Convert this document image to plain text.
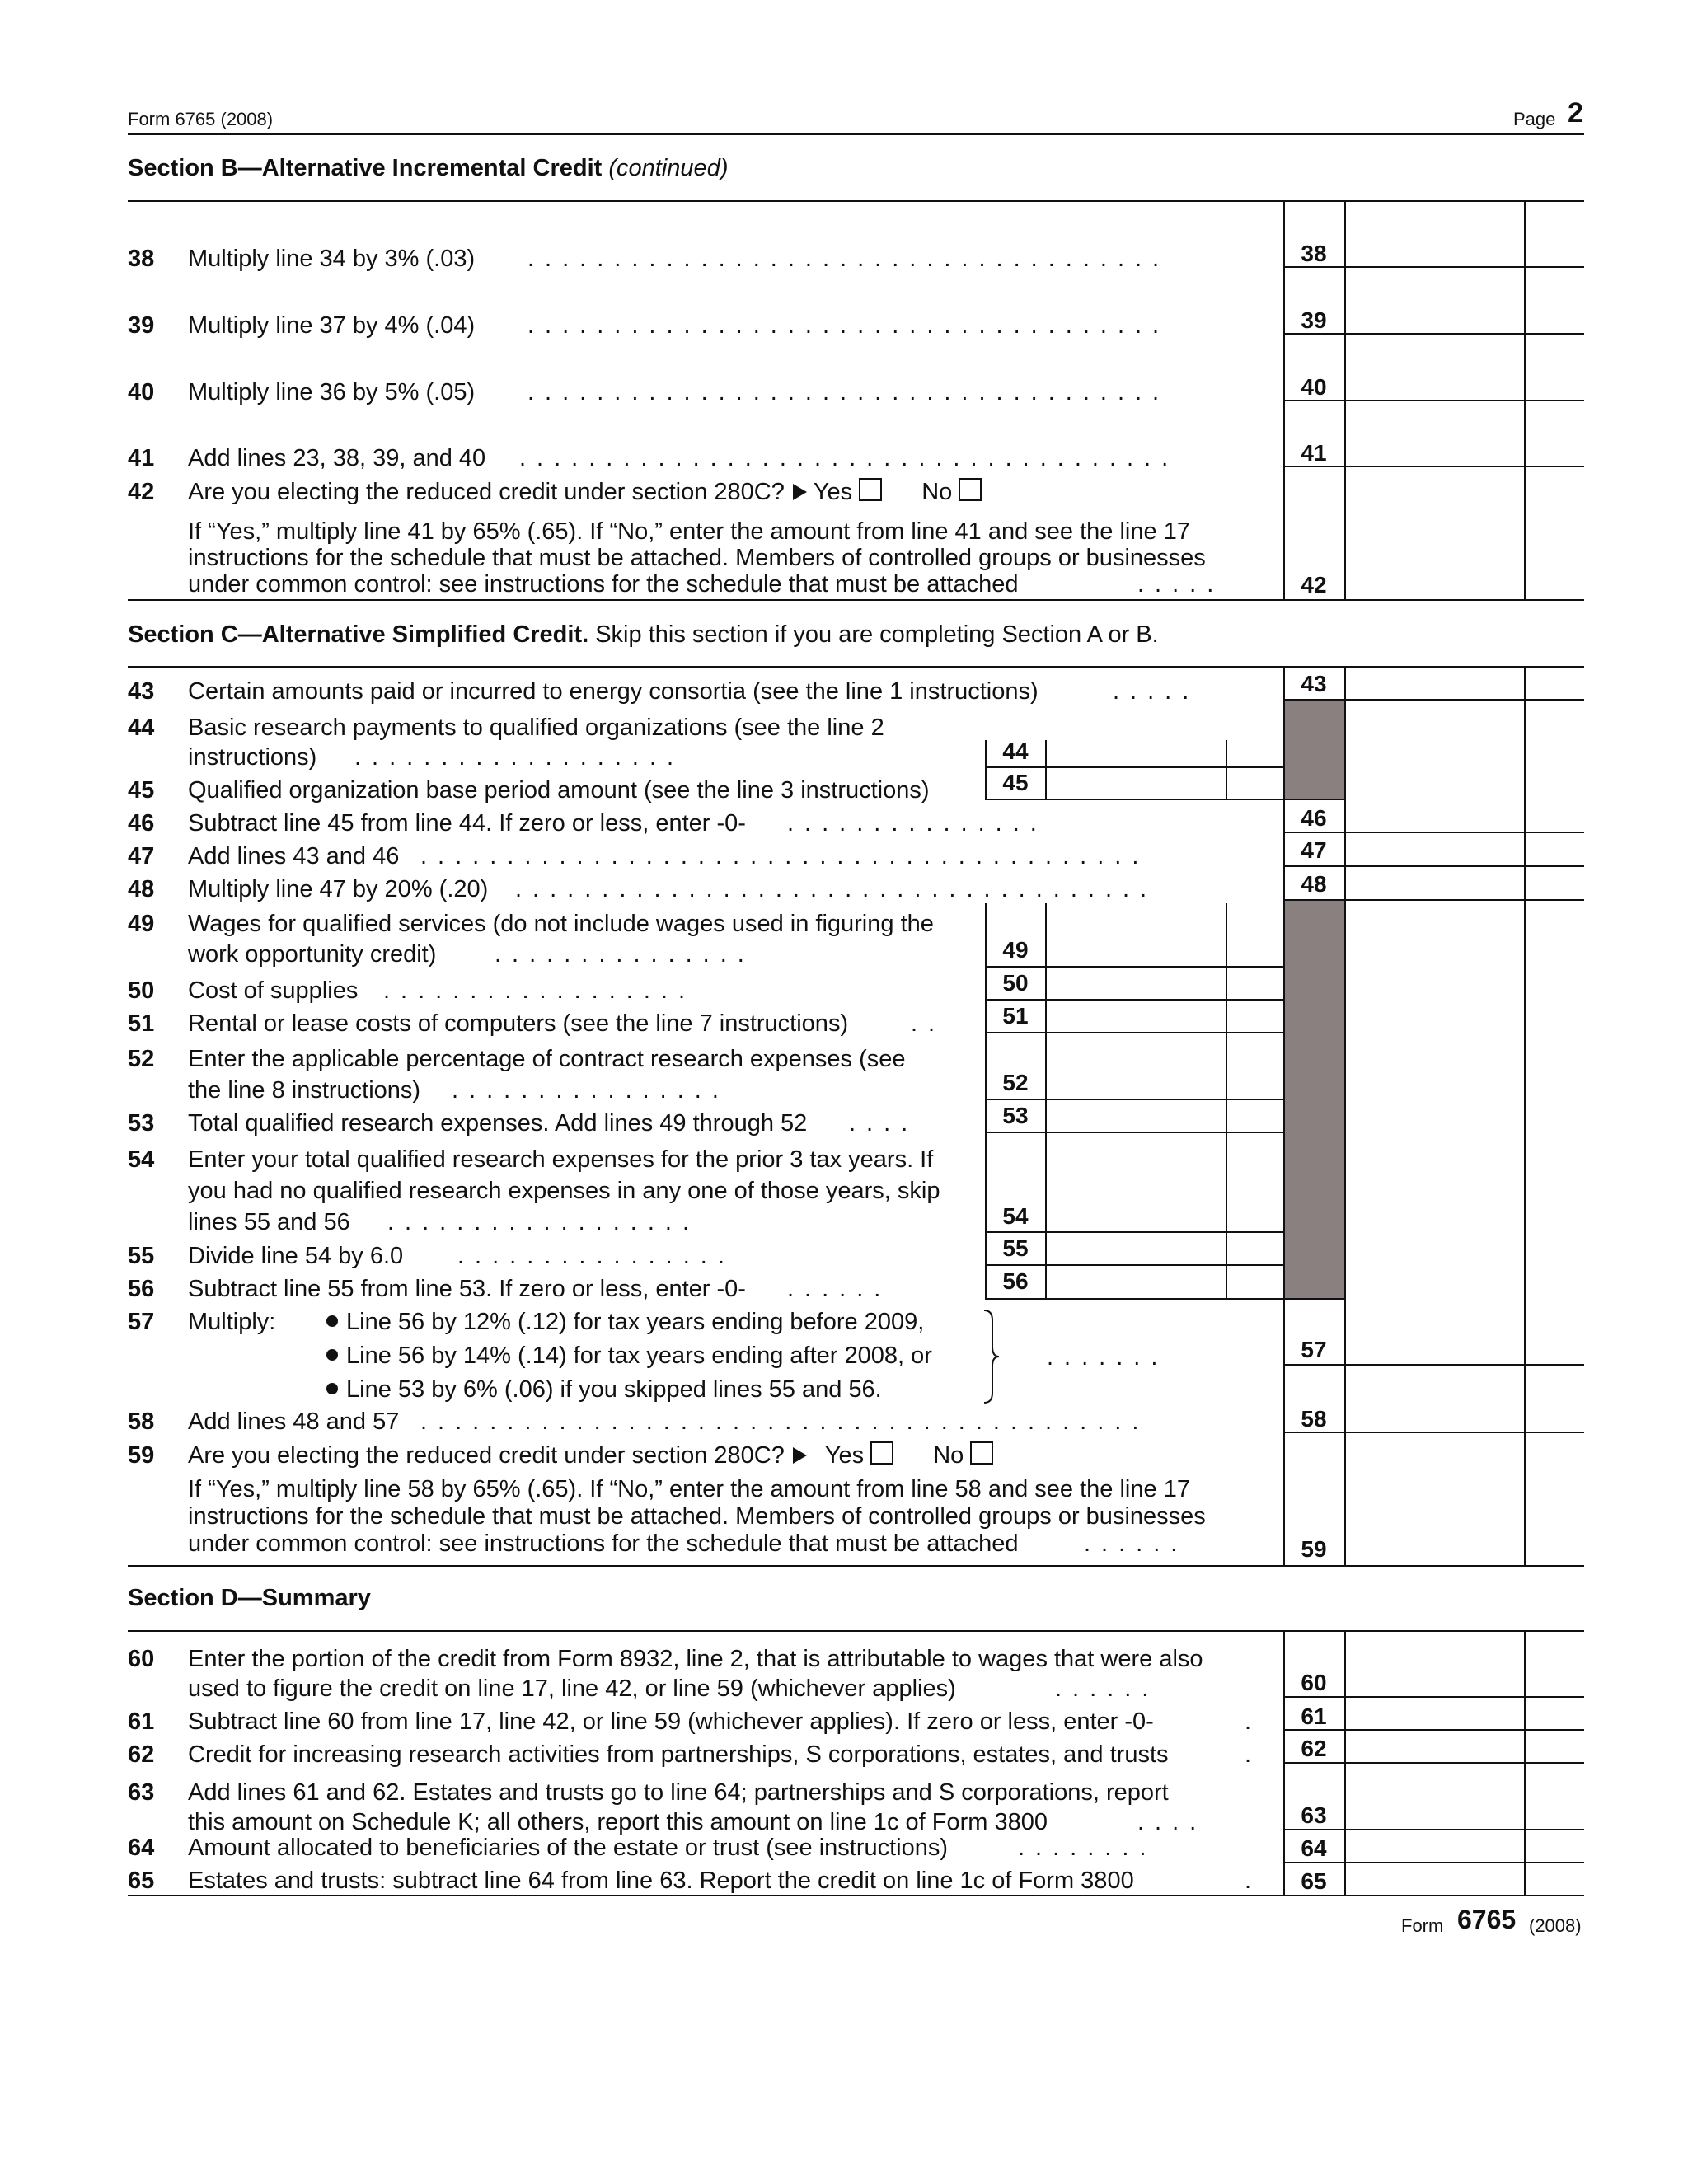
Form 6765 (2008)	Page 2
Section B—Alternative Incremental Credit (continued)
38 Multiply line 34 by 3% (.03) .....................................	38
39 Multiply line 37 by 4% (.04) .....................................	39
40 Multiply line 36 by 5% (.05) .....................................	40
41 Add lines 23, 38, 39, and 40 ......................................	41
42 Are you electing the reduced credit under section 280C? Yes	No
If “Yes,” multiply line 41 by 65% (.65). If “No,” enter the amount from line 41 and see the line 17
instructions for the schedule that must be attached. Members of controlled groups or businesses
under common control: see instructions for the schedule that must be attached	.....	42
Section C—Alternative Simplified Credit. Skip this section if you are completing Section A or B.
43 Certain amounts paid or incurred to energy consortia (see the line 1 instructions)	.....	43
44 Basic research payments to qualified organizations (see the line 2
instructions) ...................	44
45 Qualified organization base period amount (see the line 3 instructions)	45
46 Subtract line 45 from line 44. If zero or less, enter -0- ...............	46
47 Add lines 43 and 46 ..........................................	47
48 Multiply line 47 by 20% (.20) .....................................	48
49 Wages for qualified services (do not include wages used in figuring the
work opportunity credit) ...............	49
50 Cost of supplies ..................	50
51 Rental or lease costs of computers (see the line 7 instructions)	..	51
52 Enter the applicable percentage of contract research expenses (see
the line 8 instructions) ................	52
53 Total qualified research expenses. Add lines 49 through 52 ....	53
54 Enter your total qualified research expenses for the prior 3 tax years. If
you had no qualified research expenses in any one of those years, skip
lines 55 and 56 ..................	54
55 Divide line 54 by 6.0 ................	55
56 Subtract line 55 from line 53. If zero or less, enter -0- ......	56
57 Multiply:	Line 56 by 12% (.12) for tax years ending before 2009,
Line 56 by 14% (.14) for tax years ending after 2008, or
Line 53 by 6% (.06) if you skipped lines 55 and 56.
.......	57
58 Add lines 48 and 57 ..........................................	58
59 Are you electing the reduced credit under section 280C? Yes	No
If “Yes,” multiply line 58 by 65% (.65). If “No,” enter the amount from line 58 and see the line 17
instructions for the schedule that must be attached. Members of controlled groups or businesses
under common control: see instructions for the schedule that must be attached	......	59
Section D—Summary
60 Enter the portion of the credit from Form 8932, line 2, that is attributable to wages that were also
used to figure the credit on line 17, line 42, or line 59 (whichever applies)	......	60
61 Subtract line 60 from line 17, line 42, or line 59 (whichever applies). If zero or less, enter -0-	.	61
62 Credit for increasing research activities from partnerships, S corporations, estates, and trusts	.	62
63 Add lines 61 and 62. Estates and trusts go to line 64; partnerships and S corporations, report
this amount on Schedule K; all others, report this amount on line 1c of Form 3800	....	63
64 Amount allocated to beneficiaries of the estate or trust (see instructions)	........	64
65 Estates and trusts: subtract line 64 from line 63. Report the credit on line 1c of Form 3800	.	65
Form 6765 (2008)
